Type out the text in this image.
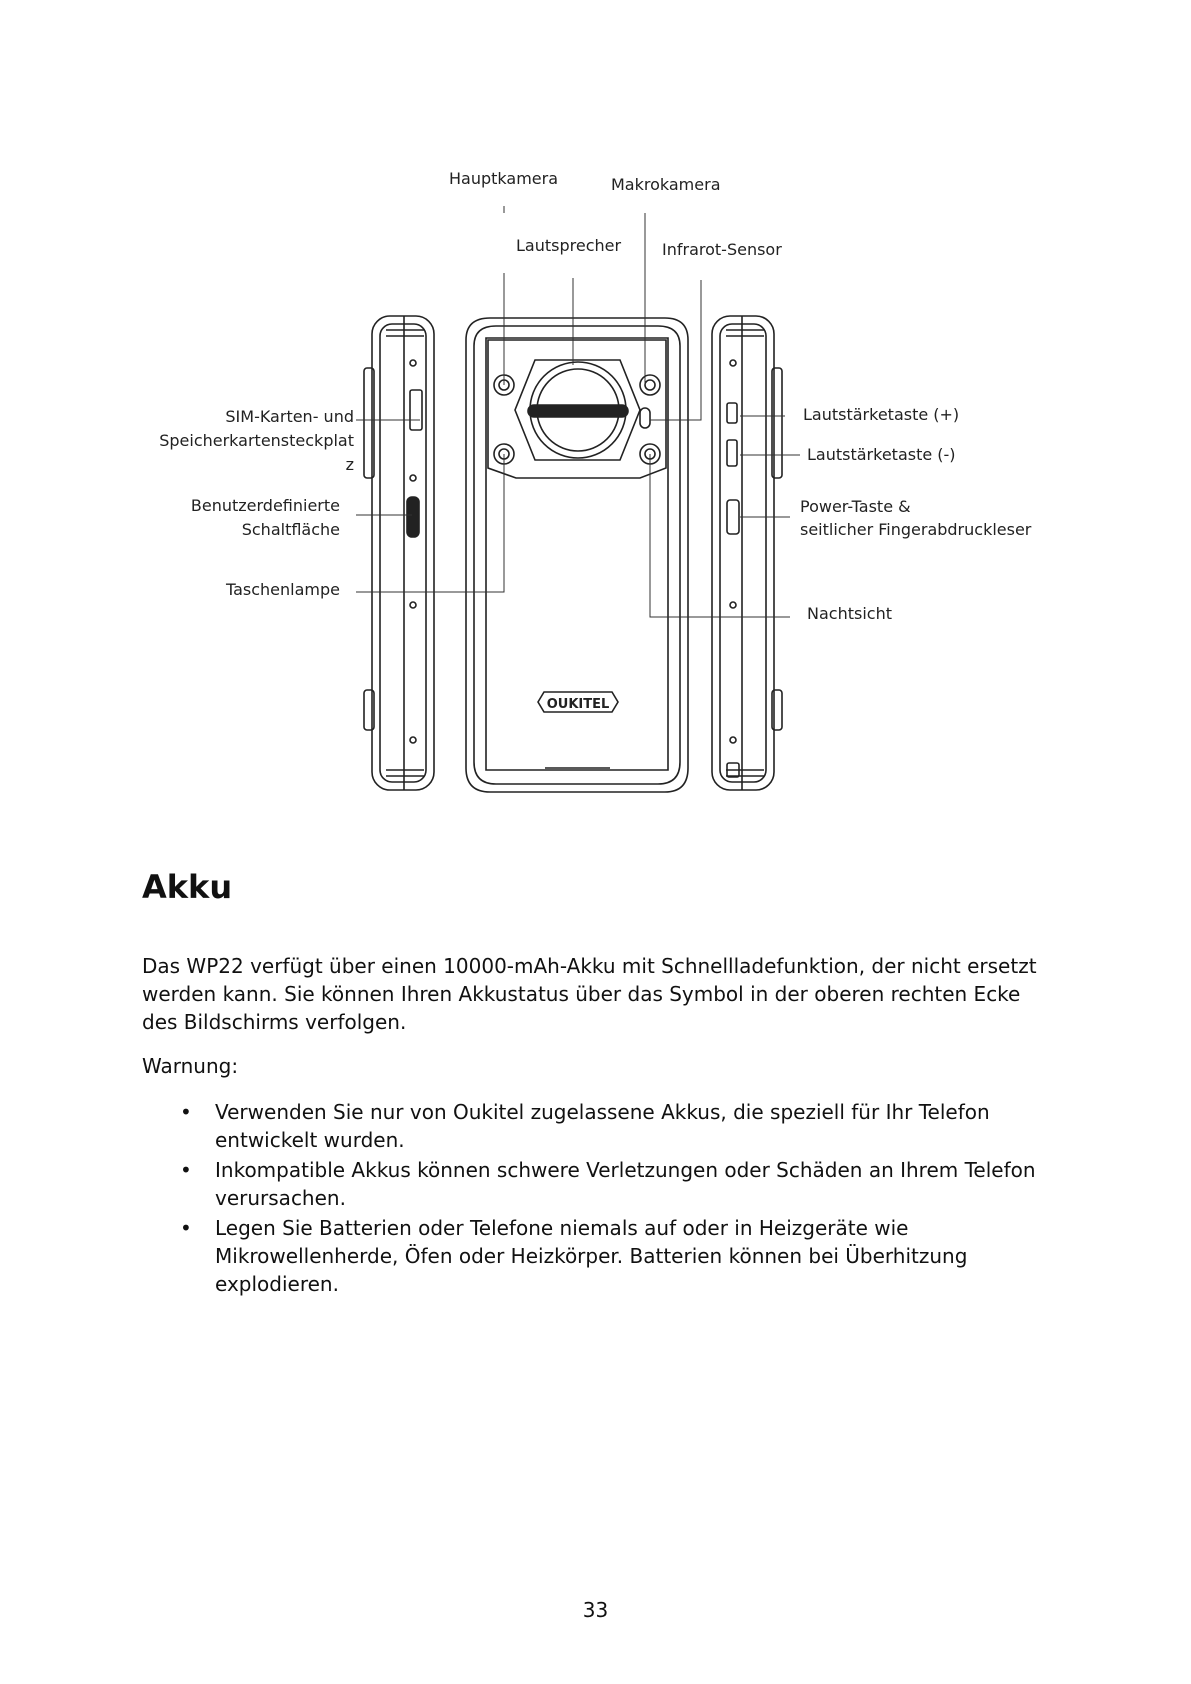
OUKITEL
Hauptkamera	Makrokamera
Lautsprecher	Infrarot-Sensor
SIM-Karten- und
Speicherkartensteckplat
z
Benutzerdefinierte
Schaltfläche
Taschenlampe
Lautstärketaste (+)
Lautstärketaste (-)
Power-Taste &
seitlicher Fingerabdruckleser
Nachtsicht
Akku

Das WP22 verfügt über einen 10000-mAh-Akku mit Schnellladefunktion, der nicht ersetzt werden kann. Sie können Ihren Akkustatus über das Symbol in der oberen rechten Ecke des Bildschirms verfolgen.

Warnung:

• Verwenden Sie nur von Oukitel zugelassene Akkus, die speziell für Ihr Telefon entwickelt wurden.
• Inkompatible Akkus können schwere Verletzungen oder Schäden an Ihrem Telefon verursachen.
• Legen Sie Batterien oder Telefone niemals auf oder in Heizgeräte wie Mikrowellenherde, Öfen oder Heizkörper. Batterien können bei Überhitzung explodieren.
33
